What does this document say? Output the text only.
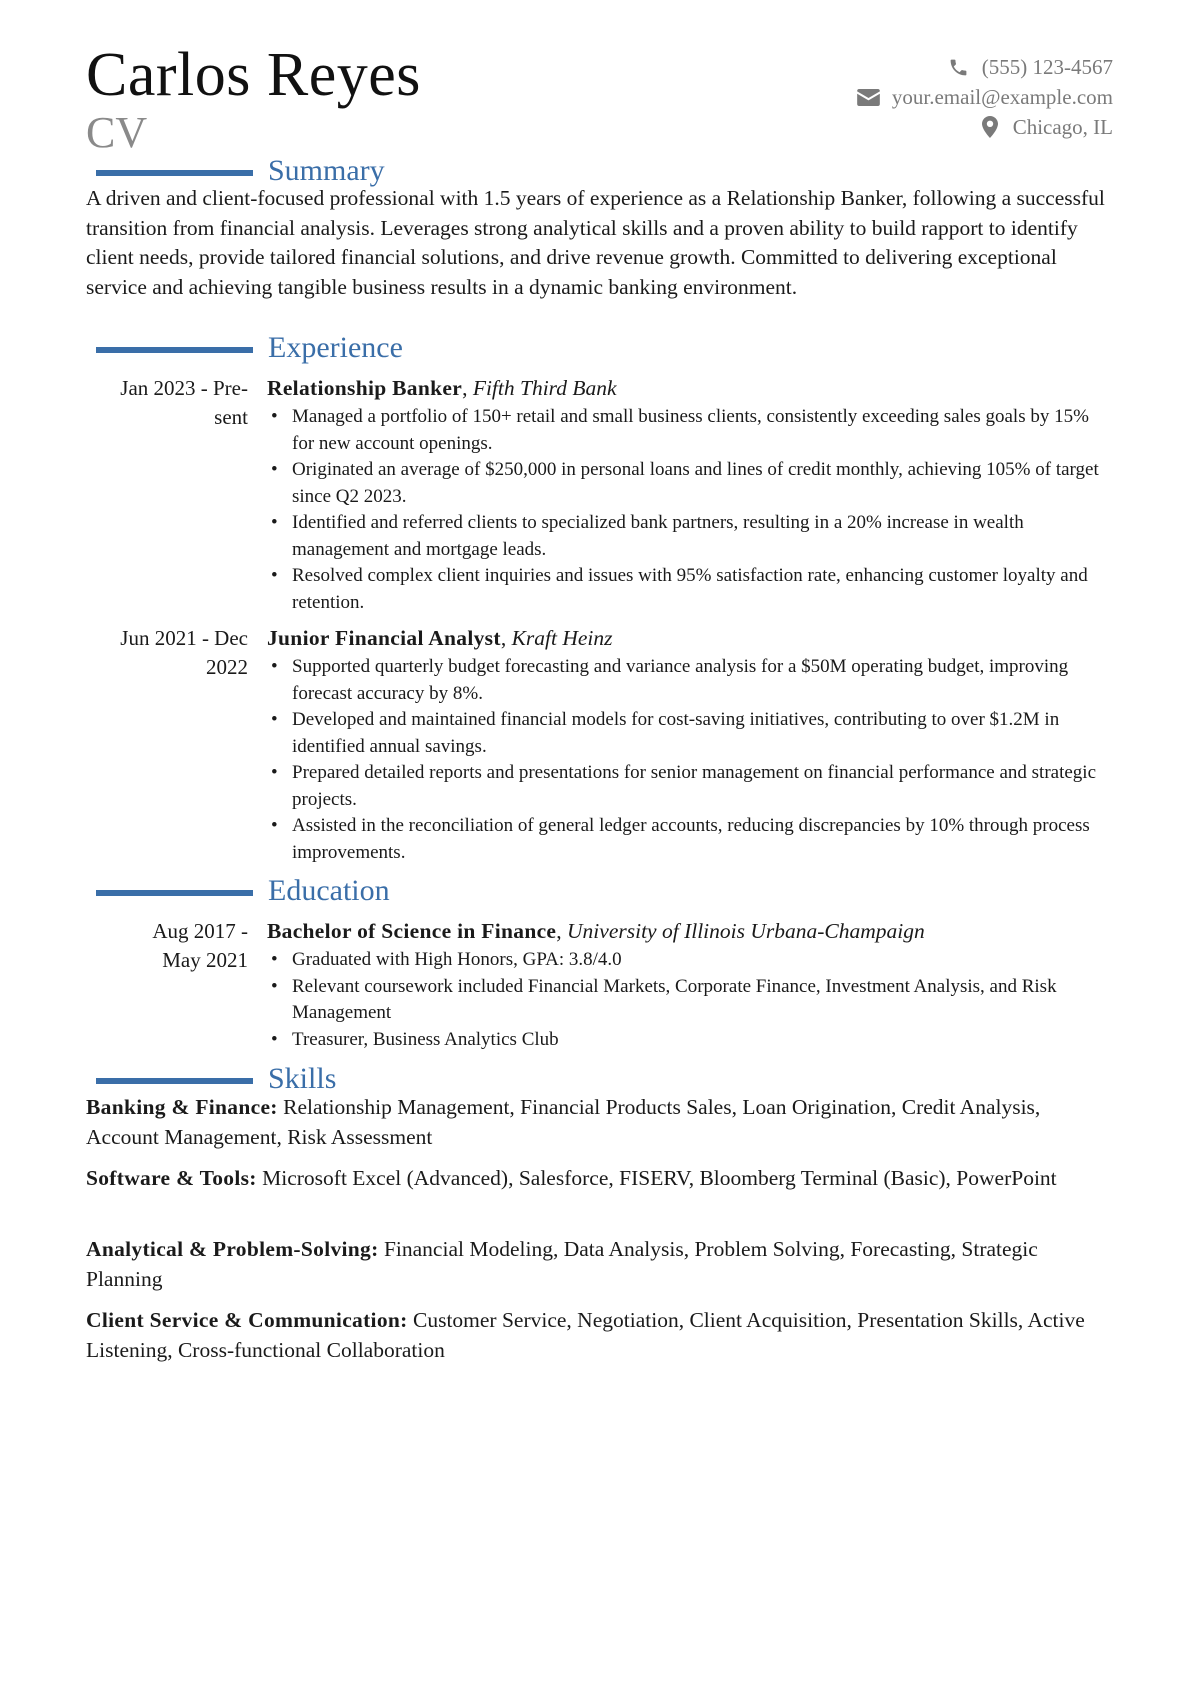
Carlos Reyes
CV
(555) 123-4567
your.email@example.com
Chicago, IL
Summary

A driven and client-focused professional with 1.5 years of experience as a Relationship Banker, following a successful transition from financial analysis. Leverages strong analytical skills and a proven ability to build rapport to identify client needs, provide tailored financial solutions, and drive revenue growth. Committed to delivering exceptional service and achieving tangible business results in a dynamic banking environment.

Experience
Jan 2023 - Pre-
sent
Relationship Banker, Fifth Third Bank
• Managed a portfolio of 150+ retail and small business clients, consistently exceeding sales goals by 15% for new account openings.
• Originated an average of $250,000 in personal loans and lines of credit monthly, achieving 105% of target since Q2 2023.
• Identified and referred clients to specialized bank partners, resulting in a 20% increase in wealth management and mortgage leads.
• Resolved complex client inquiries and issues with 95% satisfaction rate, enhancing customer loyalty and retention.
Jun 2021 - Dec
2022
Junior Financial Analyst, Kraft Heinz
• Supported quarterly budget forecasting and variance analysis for a $50M operating budget, improving forecast accuracy by 8%.
• Developed and maintained financial models for cost-saving initiatives, contributing to over $1.2M in identified annual savings.
• Prepared detailed reports and presentations for senior management on financial performance and strategic projects.
• Assisted in the reconciliation of general ledger accounts, reducing discrepancies by 10% through process improvements.
Education
Aug 2017 -
May 2021
Bachelor of Science in Finance, University of Illinois Urbana-Champaign
• Graduated with High Honors, GPA: 3.8/4.0
• Relevant coursework included Financial Markets, Corporate Finance, Investment Analysis, and Risk Management
• Treasurer, Business Analytics Club
Skills

Banking & Finance: Relationship Management, Financial Products Sales, Loan Origination, Credit Analysis, Account Management, Risk Assessment

Software & Tools: Microsoft Excel (Advanced), Salesforce, FISERV, Bloomberg Terminal (Basic), PowerPoint

Analytical & Problem-Solving: Financial Modeling, Data Analysis, Problem Solving, Forecasting, Strategic Planning

Client Service & Communication: Customer Service, Negotiation, Client Acquisition, Presentation Skills, Active Listening, Cross-functional Collaboration
